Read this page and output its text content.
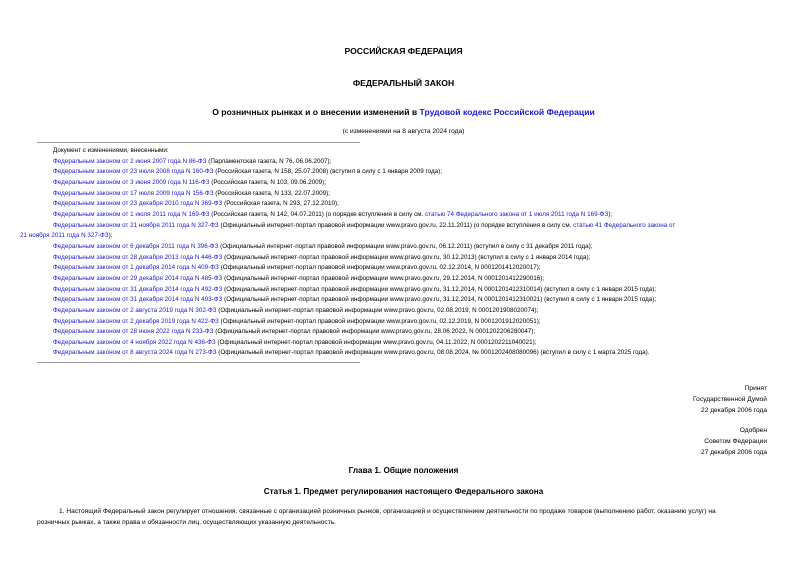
РОССИЙСКАЯ ФЕДЕРАЦИЯ
ФЕДЕРАЛЬНЫЙ ЗАКОН
О розничных рынках и о внесении изменений в Трудовой кодекс Российской Федерации
(с изменениями на 8 августа 2024 года)
Документ с изменениями, внесенными:
Федеральным законом от 2 июня 2007 года N 86-ФЗ (Парламентская газета, N 76, 06.06.2007);
Федеральным законом от 23 июля 2008 года N 160-ФЗ (Российская газета, N 158, 25.07.2008) (вступил в силу с 1 января 2009 года);
Федеральным законом от 3 июня 2009 года N 116-ФЗ (Российская газета, N 103, 09.06.2009);
Федеральным законом от 17 июля 2009 года N 156-ФЗ (Российская газета, N 133, 22.07.2009);
Федеральным законом от 23 декабря 2010 года N 369-ФЗ (Российская газета, N 293, 27.12.2010);
Федеральным законом от 1 июля 2011 года N 169-ФЗ (Российская газета, N 142, 04.07.2011) (о порядке вступления в силу см. статью 74 Федерального закона от 1 июля 2011 года N 169-ФЗ);
Федеральным законом от 21 ноября 2011 года N 327-ФЗ (Официальный интернет-портал правовой информации www.pravo.gov.ru, 22.11.2011) (о порядке вступления в силу см. статью 41 Федерального закона от
21 ноября 2011 года N 327-ФЗ);
Федеральным законом от 6 декабря 2011 года N 396-ФЗ (Официальный интернет-портал правовой информации www.pravo.gov.ru, 06.12.2011) (вступил в силу с 31 декабря 2011 года);
Федеральным законом от 28 декабря 2013 года N 446-ФЗ (Официальный интернет-портал правовой информации www.pravo.gov.ru, 30.12.2013) (вступил в силу с 1 января 2014 года);
Федеральным законом от 1 декабря 2014 года N 409-ФЗ (Официальный интернет-портал правовой информации www.pravo.gov.ru, 02.12.2014, N 0001201412020017);
Федеральным законом от 29 декабря 2014 года N 485-ФЗ (Официальный интернет-портал правовой информации www.pravo.gov.ru, 29.12.2014, N 0001201412290016);
Федеральным законом от 31 декабря 2014 года N 492-ФЗ (Официальный интернет-портал правовой информации www.pravo.gov.ru, 31.12.2014, N 0001201412310014) (вступил в силу с 1 января 2015 года);
Федеральным законом от 31 декабря 2014 года N 493-ФЗ (Официальный интернет-портал правовой информации www.pravo.gov.ru, 31.12.2014, N 0001201412310021) (вступил в силу с 1 января 2015 года);
Федеральным законом от 2 августа 2019 года N 302-ФЗ (Официальный интернет-портал правовой информации www.pravo.gov.ru, 02.08.2019, N 0001201908020074);
Федеральным законом от 2 декабря 2019 года N 422-ФЗ (Официальный интернет-портал правовой информации www.pravo.gov.ru, 02.12.2019, N 0001201912020051);
Федеральным законом от 28 июня 2022 года N 233-ФЗ (Официальный интернет-портал правовой информации www.pravo.gov.ru, 28.06.2022, N 0001202206280047);
Федеральным законом от 4 ноября 2022 года N 436-ФЗ (Официальный интернет-портал правовой информации www.pravo.gov.ru, 04.11.2022, N 0001202211040021);
Федеральным законом от 8 августа 2024 года N 273-ФЗ (Официальный интернет-портал правовой информации www.pravo.gov.ru, 08.08.2024, № 0001202408080096) (вступил в силу с 1 марта 2025 года).
Принят
Государственной Думой
22 декабря 2006 года
Одобрен
Советом Федерации
27 декабря 2006 года
Глава 1. Общие положения
Статья 1. Предмет регулирования настоящего Федерального закона
1. Настоящий Федеральный закон регулирует отношения, связанные с организацией розничных рынков, организацией и осуществлением деятельности по продаже товаров (выполнению работ, оказанию услуг) на
розничных рынках, а также права и обязанности лиц, осуществляющих указанную деятельность.
